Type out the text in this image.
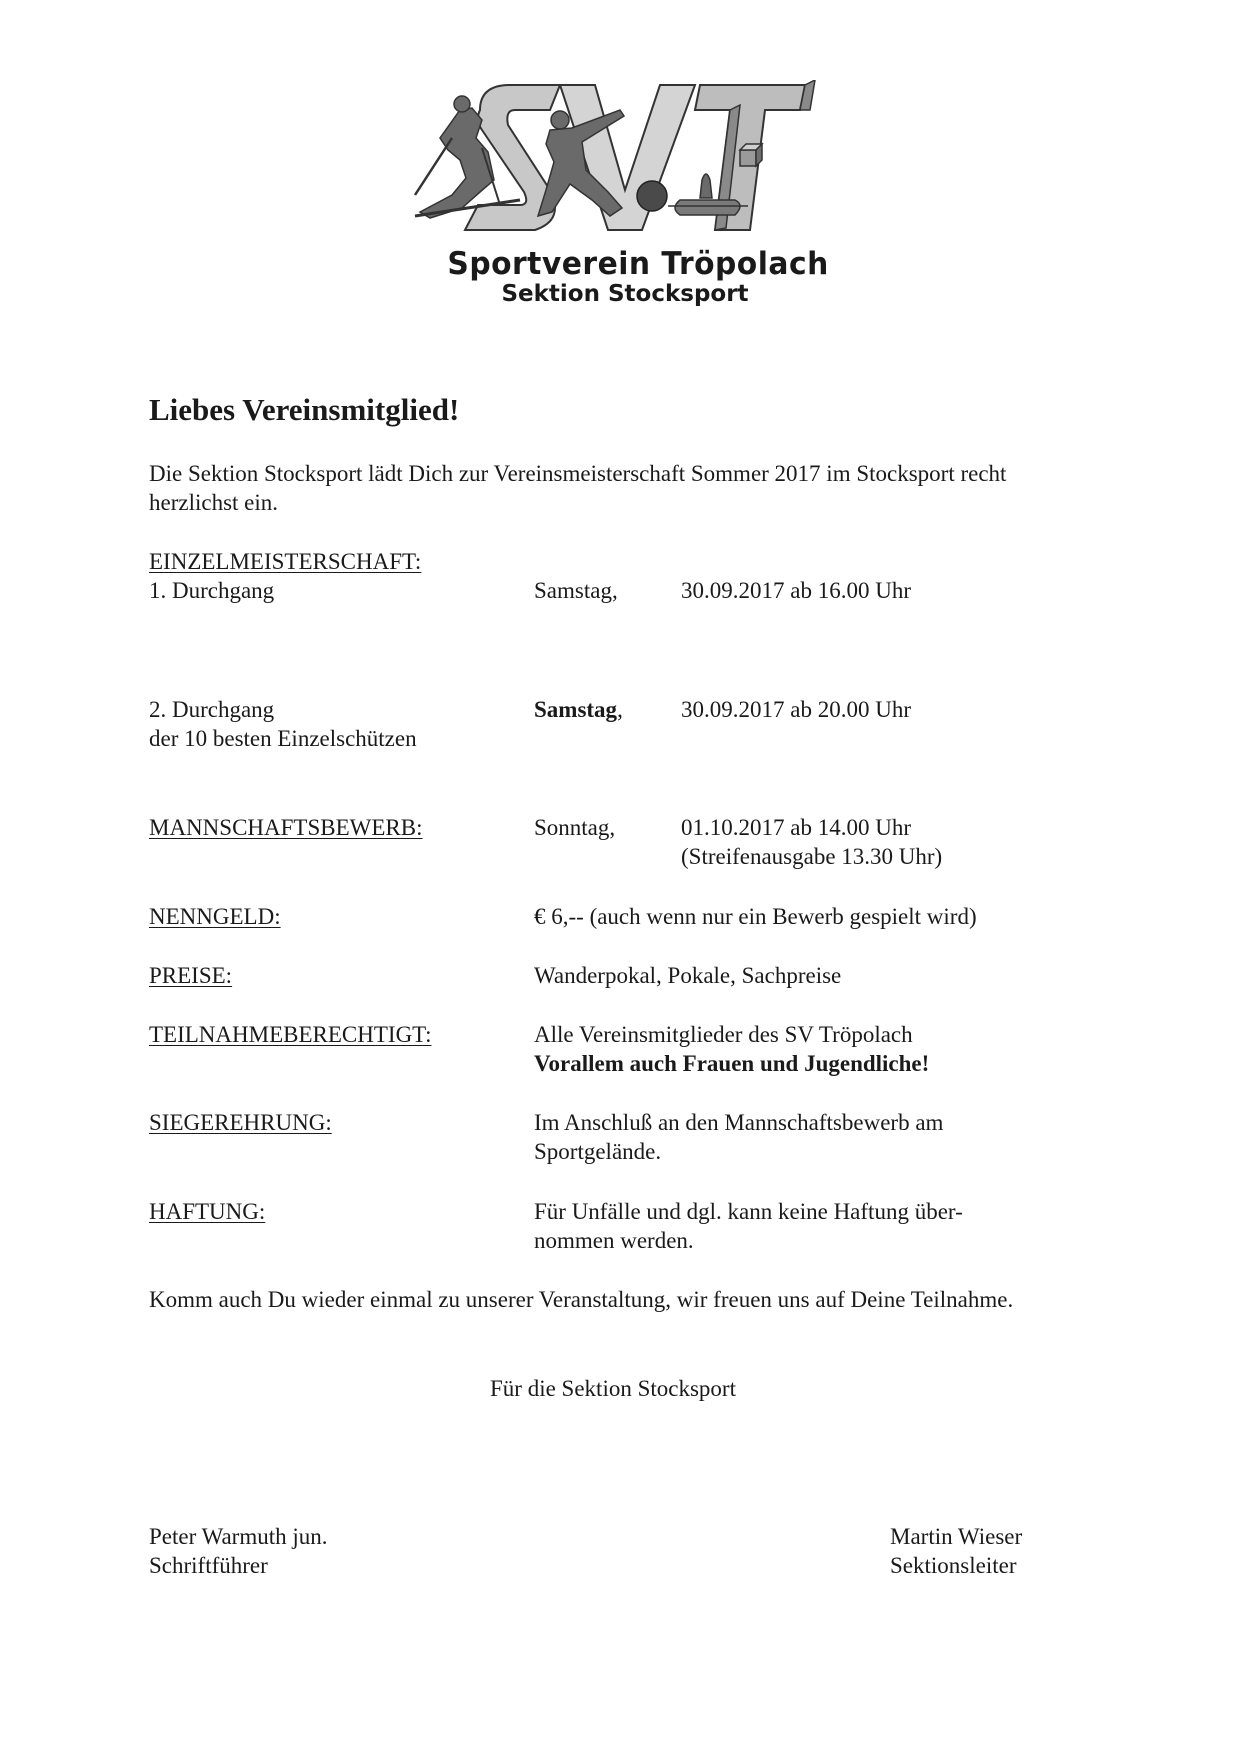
Sportverein Tröpolach
Sektion Stocksport
Liebes Vereinsmitglied!
Die Sektion Stocksport lädt Dich zur Vereinsmeisterschaft Sommer 2017 im Stocksport recht
herzlichst ein.
EINZELMEISTERSCHAFT:
1. Durchgang	Samstag,	30.09.2017 ab 16.00 Uhr
2. Durchgang	Samstag,	30.09.2017 ab 20.00 Uhr
der 10 besten Einzelschützen
MANNSCHAFTSBEWERB:	Sonntag,	01.10.2017 ab 14.00 Uhr
(Streifenausgabe 13.30 Uhr)
NENNGELD:	€ 6,-- (auch wenn nur ein Bewerb gespielt wird)
PREISE:	Wanderpokal, Pokale, Sachpreise
TEILNAHMEBERECHTIGT:	Alle Vereinsmitglieder des SV Tröpolach
Vorallem auch Frauen und Jugendliche!
SIEGEREHRUNG:	Im Anschluß an den Mannschaftsbewerb am
Sportgelände.
HAFTUNG:	Für Unfälle und dgl. kann keine Haftung über-
nommen werden.
Komm auch Du wieder einmal zu unserer Veranstaltung, wir freuen uns auf Deine Teilnahme.
Für die Sektion Stocksport
Peter Warmuth jun.
Schriftführer
Martin Wieser
Sektionsleiter
